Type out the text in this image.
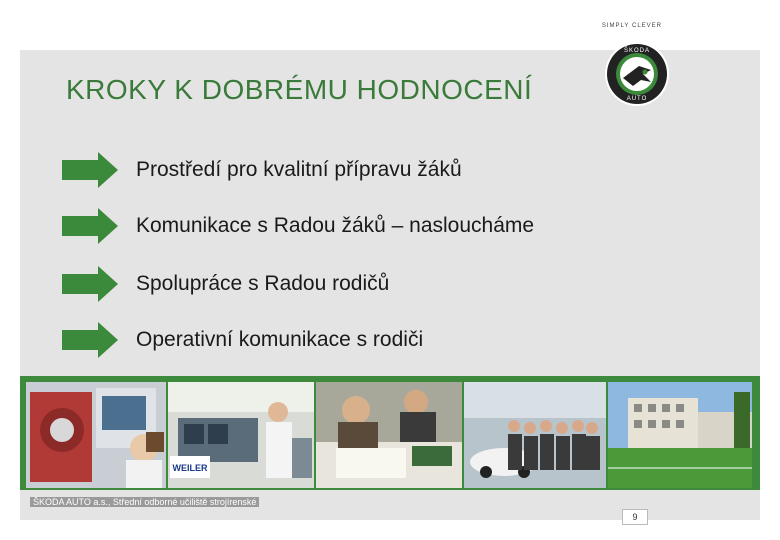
SIMPLY CLEVER
KROKY K DOBRÉMU HODNOCENÍ
ŠKODA
AUTO
Prostředí pro kvalitní přípravu žáků
Komunikace s Radou žáků – nasloucháme
Spolupráce s Radou rodičů
Operativní komunikace s rodiči
WEILER
ŠKODA AUTO a.s., Střední odborné učiliště strojírenské
9
